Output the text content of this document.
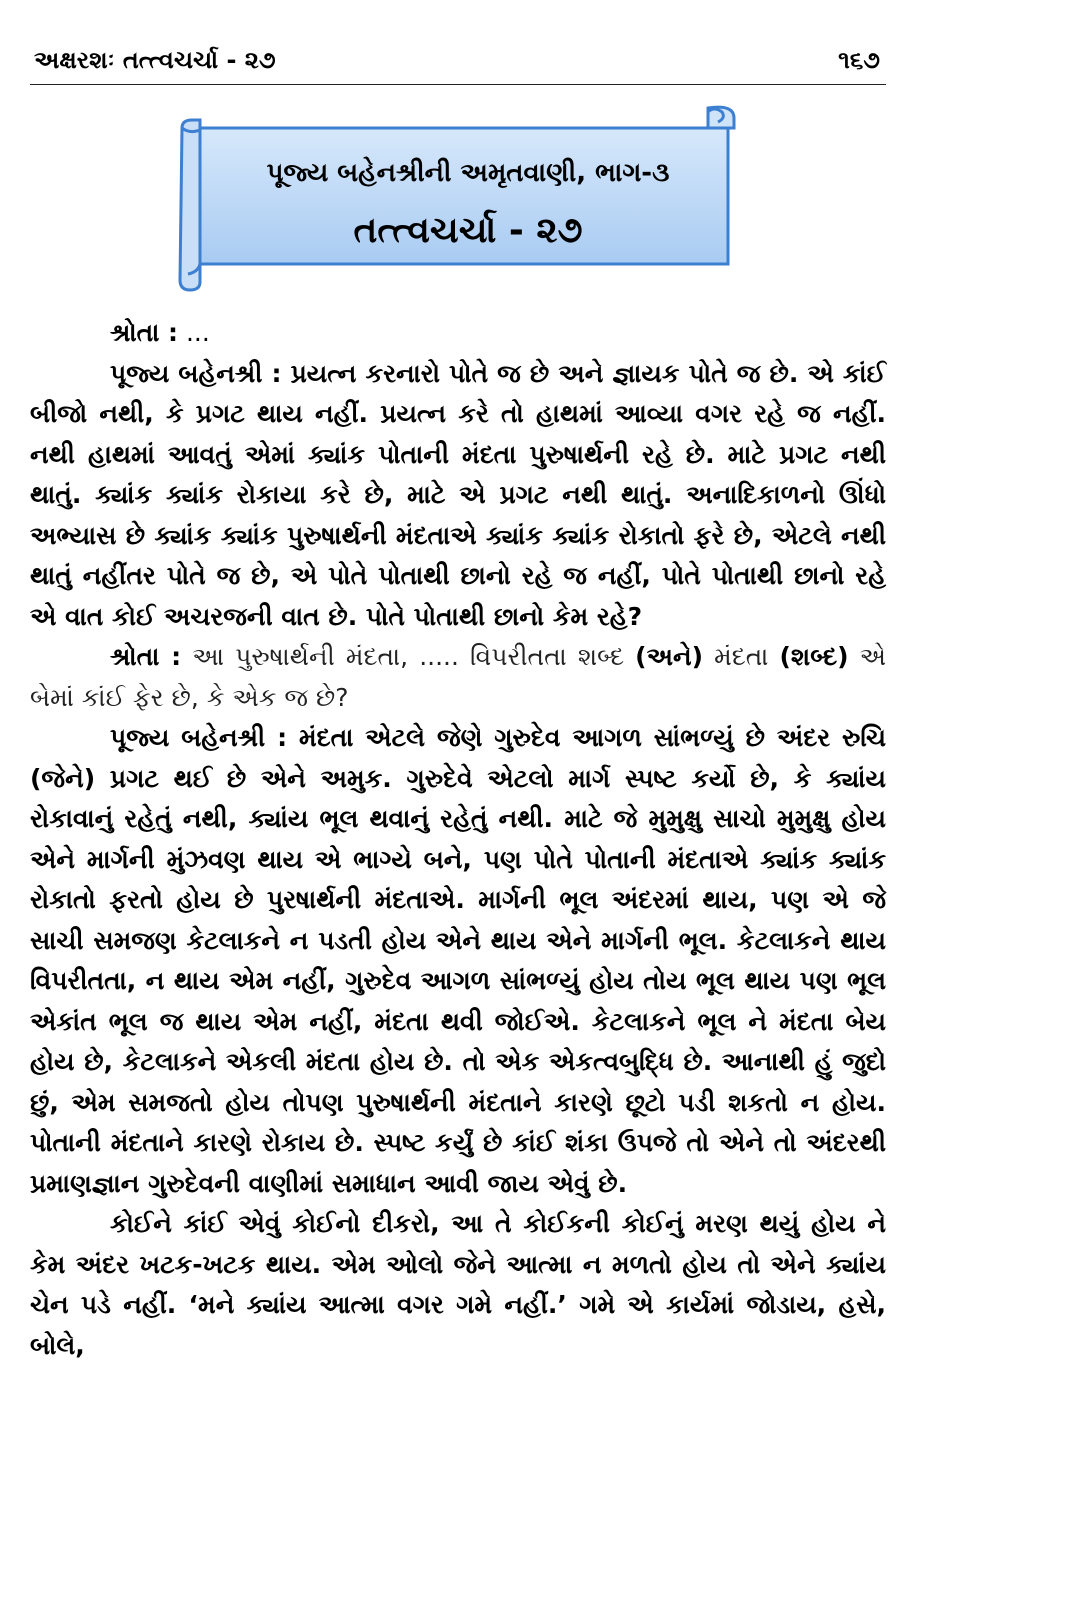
અક્ષરશઃ તત્ત્વચર્ચા - ૨૭	૧૬૭
પૂજ્ય બહેનશ્રીની અમૃતવાણી, ભાગ-૩
તત્ત્વચર્ચા - ૨૭

શ્રોતા : ...

પૂજ્ય બહેનશ્રી : પ્રયત્ન કરનારો પોતે જ છે અને જ્ઞાયક પોતે જ છે. એ કાંઈ બીજો નથી, કે પ્રગટ થાય નહીં. પ્રયત્ન કરે તો હાથમાં આવ્યા વગર રહે જ નહીં. નથી હાથમાં આવતું એમાં ક્યાંક પોતાની મંદતા પુરુષાર્થની રહે છે. માટે પ્રગટ નથી થાતું. ક્યાંક ક્યાંક રોકાયા કરે છે, માટે એ પ્રગટ નથી થાતું. અનાદિકાળનો ઊંધો અભ્યાસ છે ક્યાંક ક્યાંક પુરુષાર્થની મંદતાએ ક્યાંક ક્યાંક રોકાતો ફરે છે, એટલે નથી થાતું નહીંતર પોતે જ છે, એ પોતે પોતાથી છાનો રહે જ નહીં, પોતે પોતાથી છાનો રહે એ વાત કોઈ અચરજની વાત છે. પોતે પોતાથી છાનો કેમ રહે?

શ્રોતા : આ પુરુષાર્થની મંદતા, ..... વિપરીતતા શબ્દ (અને) મંદતા (શબ્દ) એ બેમાં કાંઈ ફેર છે, કે એક જ છે?

પૂજ્ય બહેનશ્રી : મંદતા એટલે જેણે ગુરુદેવ આગળ સાંભળ્યું છે અંદર રુચિ (જેને) પ્રગટ થઈ છે એને અમુક. ગુરુદેવે એટલો માર્ગ સ્પષ્ટ કર્યો છે, કે ક્યાંય રોકાવાનું રહેતું નથી, ક્યાંય ભૂલ થવાનું રહેતું નથી. માટે જે મુમુક્ષુ સાચો મુમુક્ષુ હોય એને માર્ગની મુંઝવણ થાય એ ભાગ્યે બને, પણ પોતે પોતાની મંદતાએ ક્યાંક ક્યાંક રોકાતો ફરતો હોય છે પુરષાર્થની મંદતાએ. માર્ગની ભૂલ અંદરમાં થાય, પણ એ જે સાચી સમજણ કેટલાકને ન પડતી હોય એને થાય એને માર્ગની ભૂલ. કેટલાકને થાય વિપરીતતા, ન થાય એમ નહીં, ગુરુદેવ આગળ સાંભળ્યું હોય તોય ભૂલ થાય પણ ભૂલ એકાંત ભૂલ જ થાય એમ નહીં, મંદતા થવી જોઈએ. કેટલાકને ભૂલ ને મંદતા બેય હોય છે, કેટલાકને એકલી મંદતા હોય છે. તો એક એકત્વબુદ્ધિ છે. આનાથી હું જુદો છું, એમ સમજતો હોય તોપણ પુરુષાર્થની મંદતાને કારણે છૂટો પડી શકતો ન હોય. પોતાની મંદતાને કારણે રોકાય છે. સ્પષ્ટ કર્યું છે કાંઈ શંકા ઉપજે તો એને તો અંદરથી પ્રમાણજ્ઞાન ગુરુદેવની વાણીમાં સમાધાન આવી જાય એવું છે.

કોઈને કાંઈ એવું કોઈનો દીકરો, આ તે કોઈકની કોઈનું મરણ થયું હોય ને કેમ અંદર ખટક-ખટક થાય. એમ ઓલો જેને આત્મા ન મળતો હોય તો એને ક્યાંય ચેન પડે નહીં. ‘મને ક્યાંય આત્મા વગર ગમે નહીં.’ ગમે એ કાર્યમાં જોડાય, હસે, બોલે,
